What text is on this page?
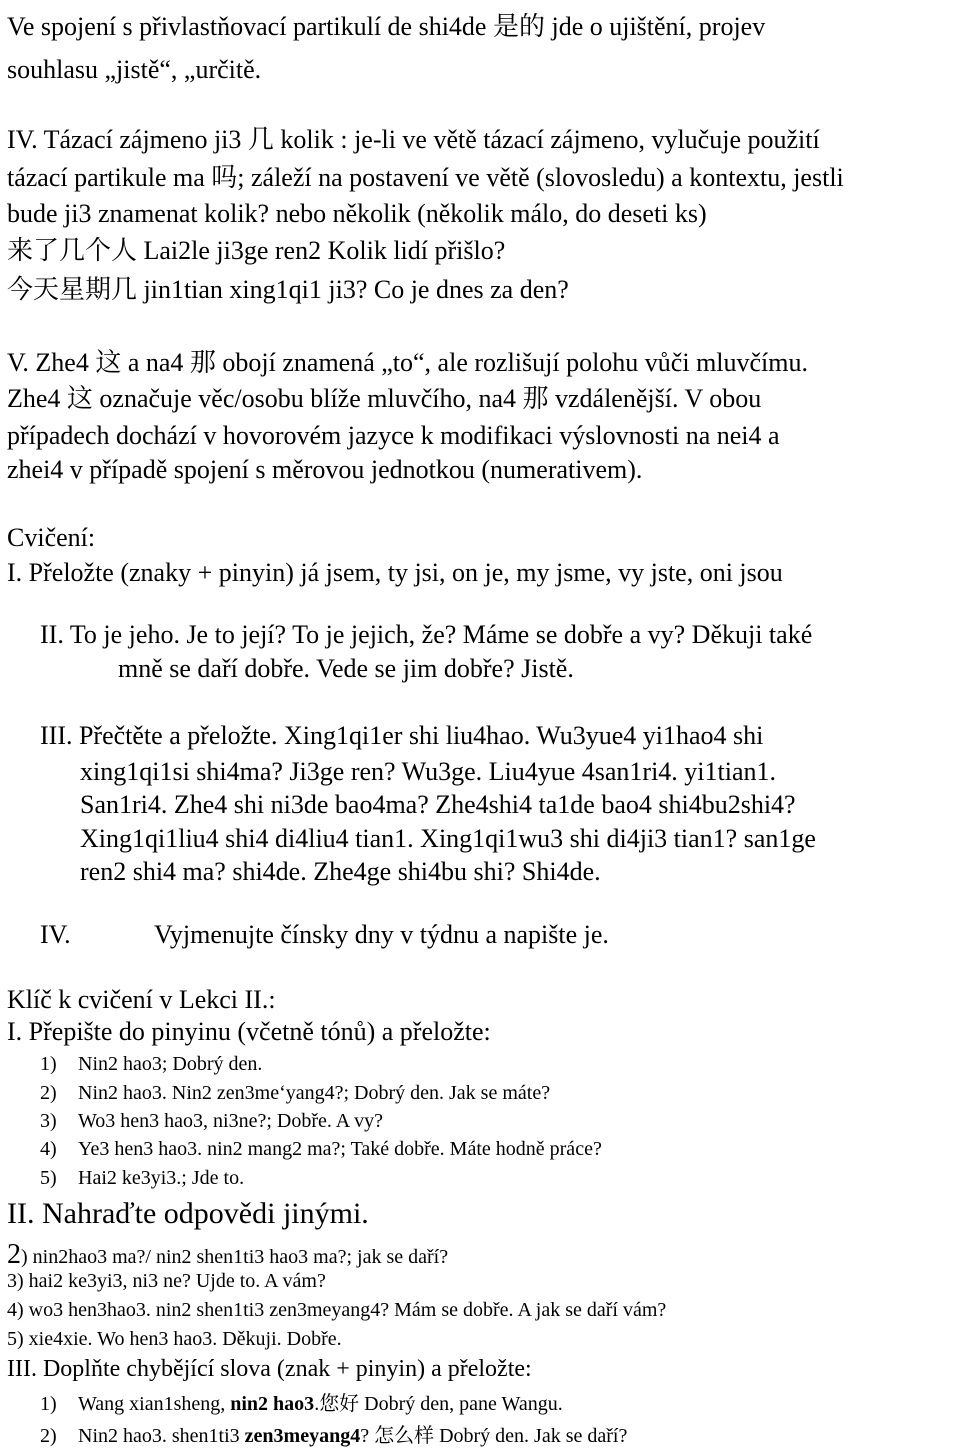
Ve spojení s přivlastňovací partikulí de shi4de 是的 jde o ujištění, projev
souhlasu „jistě“, „určitě.
IV. Tázací zájmeno ji3 几 kolik : je-li ve větě tázací zájmeno, vylučuje použití
tázací partikule ma 吗; záleží na postavení ve větě (slovosledu) a kontextu, jestli
bude ji3 znamenat kolik? nebo několik (několik málo, do deseti ks)
来了几个人 Lai2le ji3ge ren2 Kolik lidí přišlo?
今天星期几 jin1tian xing1qi1 ji3? Co je dnes za den?
V. Zhe4 这 a na4 那 obojí znamená „to“, ale rozlišují polohu vůči mluvčímu.
Zhe4 这 označuje věc/osobu blíže mluvčího, na4 那 vzdálenější. V obou
případech dochází v hovorovém jazyce k modifikaci výslovnosti na nei4 a
zhei4 v případě spojení s měrovou jednotkou (numerativem).
Cvičení:
I. Přeložte (znaky + pinyin) já jsem, ty jsi, on je, my jsme, vy jste, oni jsou
II. To je jeho. Je to její? To je jejich, že? Máme se dobře a vy? Děkuji také
mně se daří dobře. Vede se jim dobře? Jistě.
III. Přečtěte a přeložte. Xing1qi1er shi liu4hao. Wu3yue4 yi1hao4 shi
xing1qi1si shi4ma? Ji3ge ren? Wu3ge. Liu4yue 4san1ri4. yi1tian1.
San1ri4. Zhe4 shi ni3de bao4ma? Zhe4shi4 ta1de bao4 shi4bu2shi4?
Xing1qi1liu4 shi4 di4liu4 tian1. Xing1qi1wu3 shi di4ji3 tian1? san1ge
ren2 shi4 ma? shi4de. Zhe4ge shi4bu shi? Shi4de.
IV.	Vyjmenujte čínsky dny v týdnu a napište je.
Klíč k cvičení v Lekci II.:
I. Přepište do pinyinu (včetně tónů) a přeložte:
1) Nin2 hao3; Dobrý den.
2) Nin2 hao3. Nin2 zen3me‘yang4?; Dobrý den. Jak se máte?
3) Wo3 hen3 hao3, ni3ne?; Dobře. A vy?
4) Ye3 hen3 hao3. nin2 mang2 ma?; Také dobře. Máte hodně práce?
5) Hai2 ke3yi3.; Jde to.
II. Nahraďte odpovědi jinými.
2) nin2hao3 ma?/ nin2 shen1ti3 hao3 ma?; jak se daří?
3) hai2 ke3yi3, ni3 ne? Ujde to. A vám?
4) wo3 hen3hao3. nin2 shen1ti3 zen3meyang4? Mám se dobře. A jak se daří vám?
5) xie4xie. Wo hen3 hao3. Děkuji. Dobře.
III. Doplňte chybějící slova (znak + pinyin) a přeložte:
1) Wang xian1sheng, nin2 hao3.您好 Dobrý den, pane Wangu.
2) Nin2 hao3. shen1ti3 zen3meyang4? 怎么样 Dobrý den. Jak se daří?
